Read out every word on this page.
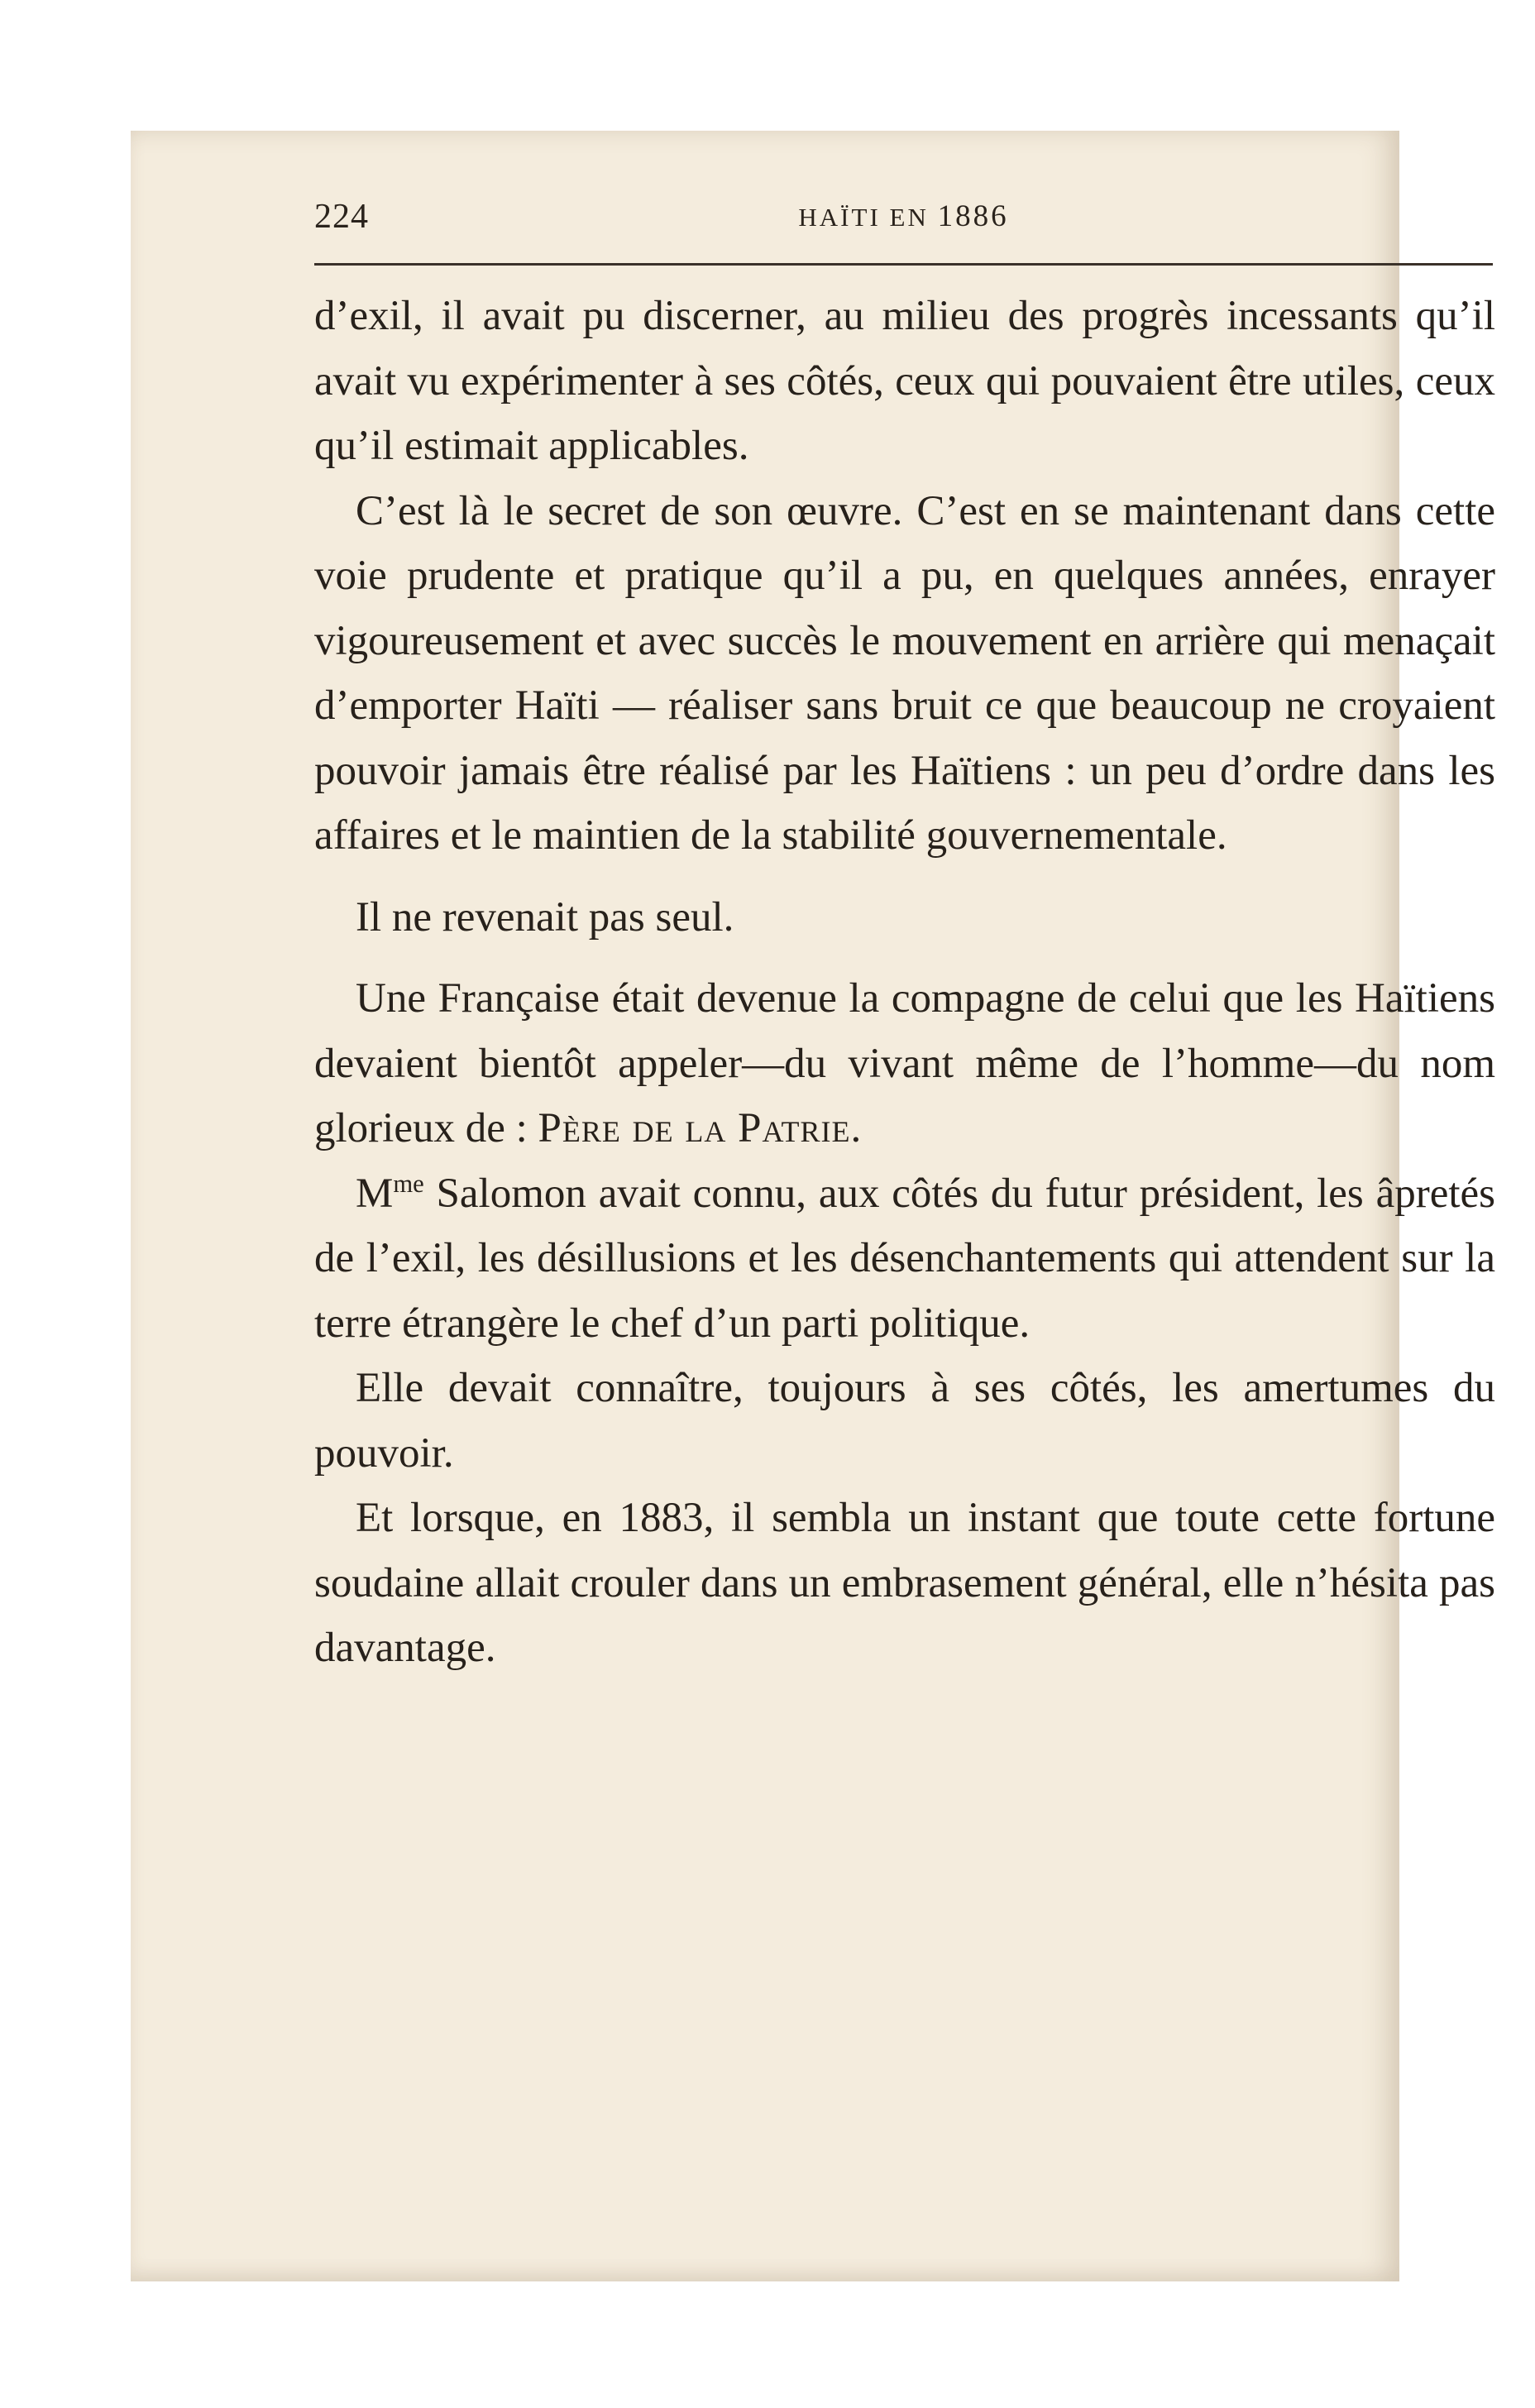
224	HAÏTI EN 1886

d’exil, il avait pu discerner, au milieu des progrès incessants qu’il avait vu expérimenter à ses côtés, ceux qui pouvaient être utiles, ceux qu’il estimait applicables.

C’est là le secret de son œuvre. C’est en se maintenant dans cette voie prudente et pratique qu’il a pu, en quelques années, enrayer vigoureusement et avec succès le mouvement en arrière qui menaçait d’emporter Haïti — réaliser sans bruit ce que beaucoup ne croyaient pouvoir jamais être réalisé par les Haïtiens : un peu d’ordre dans les affaires et le maintien de la stabilité gouvernementale.

Il ne revenait pas seul.

Une Française était devenue la compagne de celui que les Haïtiens devaient bientôt appeler—du vivant même de l’homme—du nom glorieux de : Père de la Patrie.

$M^{me}$ Salomon avait connu, aux côtés du futur président, les âpretés de l’exil, les désillusions et les désenchantements qui attendent sur la terre étrangère le chef d’un parti politique.

Elle devait connaître, toujours à ses côtés, les amertumes du pouvoir.

Et lorsque, en 1883, il sembla un instant que toute cette fortune soudaine allait crouler dans un embrasement général, elle n’hésita pas davantage.
